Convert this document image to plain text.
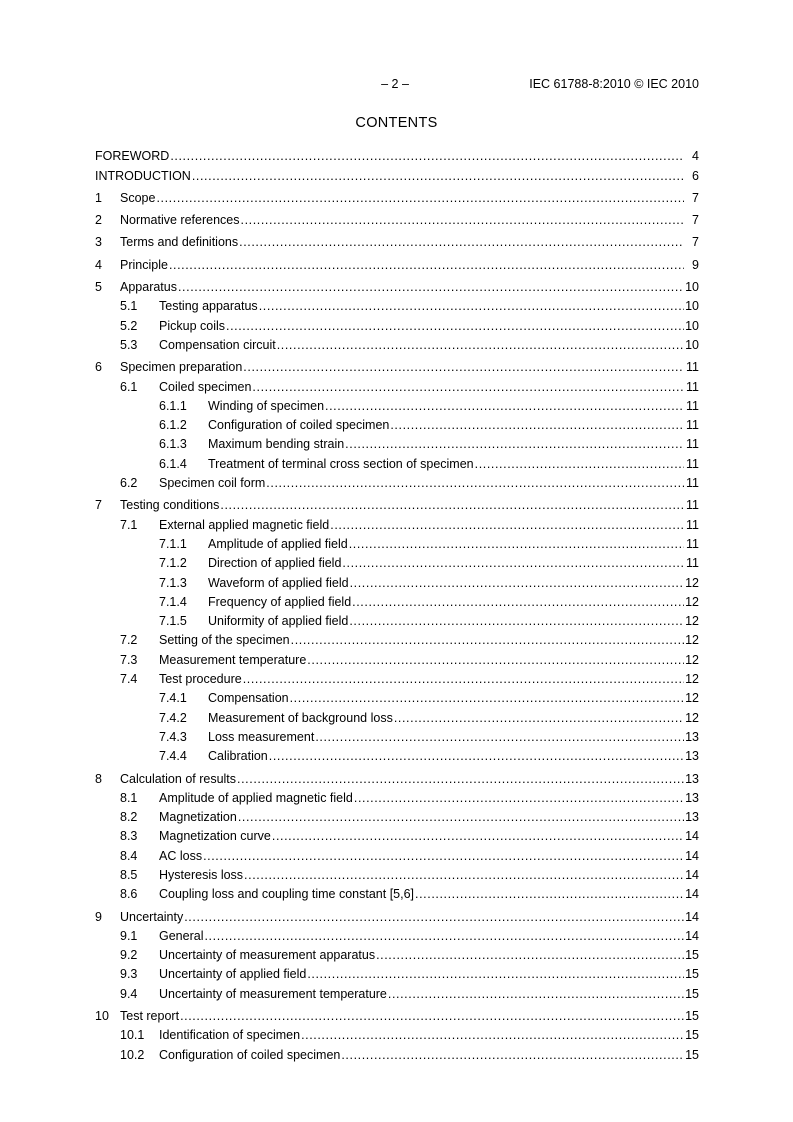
– 2 –	IEC 61788-8:2010 © IEC 2010
CONTENTS
FOREWORD .....	4
INTRODUCTION .....	6
1	Scope .....	7
2	Normative references .....	7
3	Terms and definitions .....	7
4	Principle .....	9
5	Apparatus .....	10
5.1	Testing apparatus .....	10
5.2	Pickup coils .....	10
5.3	Compensation circuit .....	10
6	Specimen preparation .....	11
6.1	Coiled specimen .....	11
6.1.1	Winding of specimen .....	11
6.1.2	Configuration of coiled specimen .....	11
6.1.3	Maximum bending strain .....	11
6.1.4	Treatment of terminal cross section of specimen .....	11
6.2	Specimen coil form .....	11
7	Testing conditions .....	11
7.1	External applied magnetic field .....	11
7.1.1	Amplitude of applied field .....	11
7.1.2	Direction of applied field .....	11
7.1.3	Waveform of applied field .....	12
7.1.4	Frequency of applied field .....	12
7.1.5	Uniformity of applied field .....	12
7.2	Setting of the specimen .....	12
7.3	Measurement temperature .....	12
7.4	Test procedure .....	12
7.4.1	Compensation .....	12
7.4.2	Measurement of background loss .....	12
7.4.3	Loss measurement .....	13
7.4.4	Calibration .....	13
8	Calculation of results .....	13
8.1	Amplitude of applied magnetic field .....	13
8.2	Magnetization .....	13
8.3	Magnetization curve .....	14
8.4	AC loss .....	14
8.5	Hysteresis loss .....	14
8.6	Coupling loss and coupling time constant [5,6] .....	14
9	Uncertainty .....	14
9.1	General .....	14
9.2	Uncertainty of measurement apparatus .....	15
9.3	Uncertainty of applied field .....	15
9.4	Uncertainty of measurement temperature .....	15
10 Test report .....	15
10.1	Identification of specimen .....	15
10.2	Configuration of coiled specimen .....	15
